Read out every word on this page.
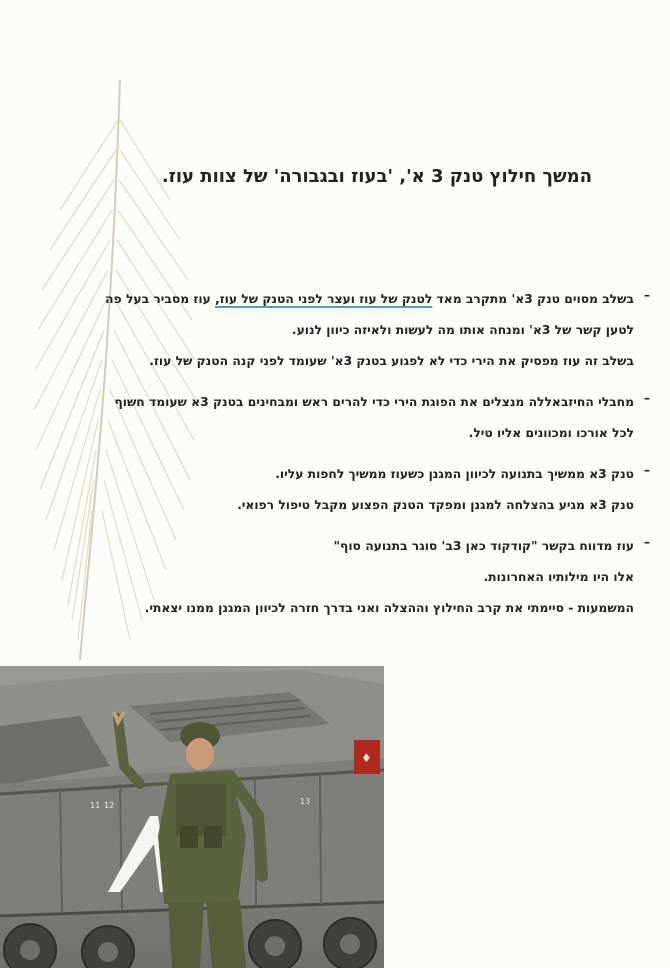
המשך חילוץ טנק 3 א', 'בעוז ובגבורה' של צוות עוז.
–
בשלב מסוים טנק 3א' מתקרב מאד לטנק של עוז ועצר לפני הטנק של עוז, עוז מסביר בעל פה
לטען קשר של 3א' ומנחה אותו מה לעשות ולאיזה כיוון לנוע.
בשלב זה עוז מפסיק את הירי כדי לא לפגוע בטנק 3א' שעומד לפני קנה הטנק של עוז.
–
מחבלי החיזבאללה מנצלים את הפוגת הירי כדי להרים ראש ומבחינים בטנק 3א שעומד חשוף
לכל אורכו ומכוונים אליו טיל.
–
טנק 3א ממשיך בתנועה לכיוון המגנן כשעוז ממשיך לחפות עליו.
טנק 3א מגיע בהצלחה למגנן ומפקד הטנק הפצוע מקבל טיפול רפואי.
–
עוז מדווח בקשר "קודקוד כאן 3ב' סוגר בתנועה סוף"
אלו היו מילותיו האחרונות.
המשמעות - סיימתי את קרב החילוץ וההצלה ואני בדרך חזרה לכיוון המגנן ממנו יצאתי.
11 12	13
♦
